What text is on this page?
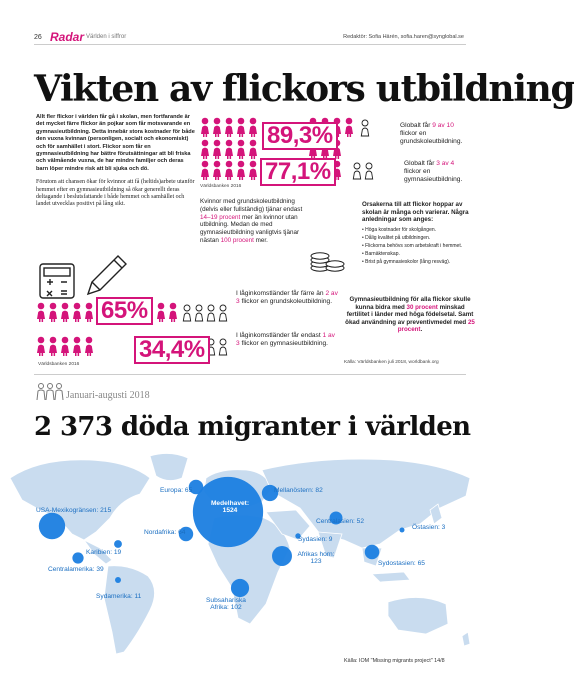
26 Radar Världen i siffror	Redaktör: Sofia Härén, sofia.haren@synglobal.se
Vikten av flickors utbildning

Allt fler flickor i världen får gå i skolan, men fortfarande är det mycket färre flickor än pojkar som får motsvarande en gymnasieutbildning. Detta innebär stora kostnader för både den vuxna kvinnan (personligen, socialt och ekonomiskt) och för samhället i stort. Flickor som får en gymnasieutbildning har bättre förutsättningar att bli friska och välmående vuxna, de har mindre familjer och deras barn löper mindre risk att bli sjuka och dö.

Förutom att chansen ökar för kvinnor att få (heltids)arbete utanför hemmet efter en gymnasieutbildning så ökar generellt deras deltagande i beslutsfattande i både hemmet och samhället och landet utvecklas positivt på lång sikt.

89,3%	Globalt får 9 av 10 flickor en grundskoleutbildning.
77,1%
Världsbanken 2016
Globalt får 3 av 4 flickor en gymnasieutbildning.
Kvinnor med grundskoleutbildning (delvis eller fullständig) tjänar endast 14–19 procent mer än kvinnor utan utbildning. Medan de med gymnasieutbildning vanligtvis tjänar nästan 100 procent mer.

Orsakerna till att flickor hoppar av skolan är många och varierar. Några anledningar som anges:

• Höga kostnader för skolgången.
• Dålig kvalitet på utbildningen.
• Flickorna behövs som arbetskraft i hemmet.
• Barnäktenskap.
• Brist på gymnasieskolor (lång resväg).
65%
I låginkomstländer får färre än 2 av 3 flickor en grundskoleutbildning.
34,4%
Världsbanken 2016
I låginkomstländer får endast 1 av 3 flickor en gymnasieutbildning.
Gymnasieutbildning för alla flickor skulle kunna bidra med 30 procent minskad fertilitet i länder med höga födelsetal. Samt ökad användning av preventivmedel med 25 procent.
Källa: Världsbanken juli 2018, worldbank.org
Januari-augusti 2018
2 373 döda migranter i världen
Europa: 65	Mellanöstern: 82
USA-Mexikogränsen: 215
Medelhavet:
1524
Centralasien: 52
Östasien: 3
Nordafrika: 64
Karibien: 19
Sydasien: 9
Centralamerika: 39
Afrikas horn:
123	Sydostasien: 65
Sydamerika: 11
Subsahariska
Afrika: 102
Källa: IOM "Missing migrants project" 14/8
